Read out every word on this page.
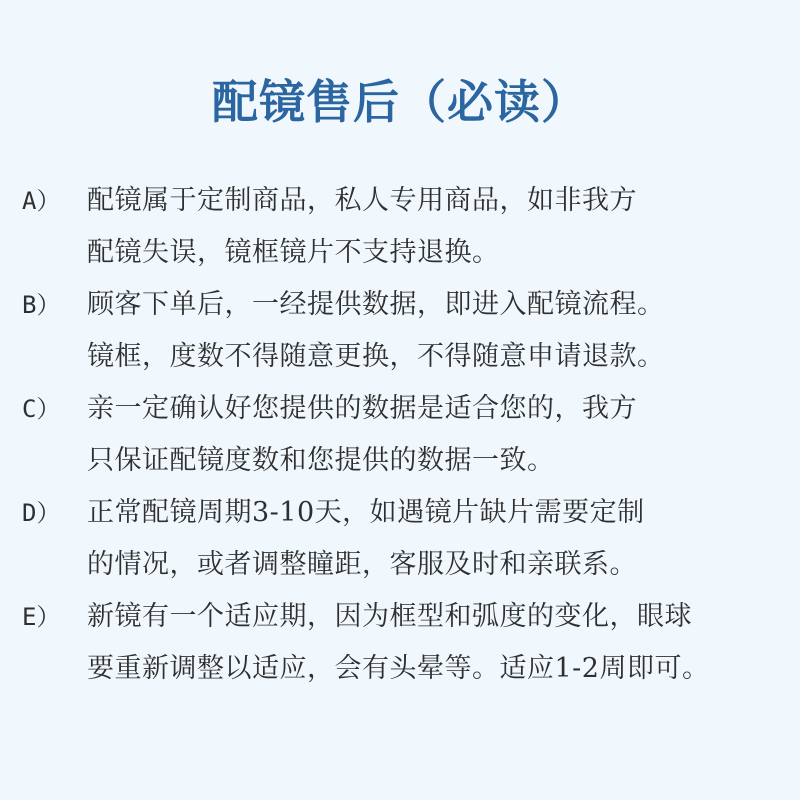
配镜售后（必读）
A） 配镜属于定制商品，私人专用商品，如非我方
配镜失误，镜框镜片不支持退换。
B） 顾客下单后，一经提供数据，即进入配镜流程。
镜框，度数不得随意更换，不得随意申请退款。
C） 亲一定确认好您提供的数据是适合您的，我方
只保证配镜度数和您提供的数据一致。
D） 正常配镜周期3-10天，如遇镜片缺片需要定制
的情况，或者调整瞳距，客服及时和亲联系。
E） 新镜有一个适应期，因为框型和弧度的变化，眼球
要重新调整以适应，会有头晕等。适应1-2周即可。
